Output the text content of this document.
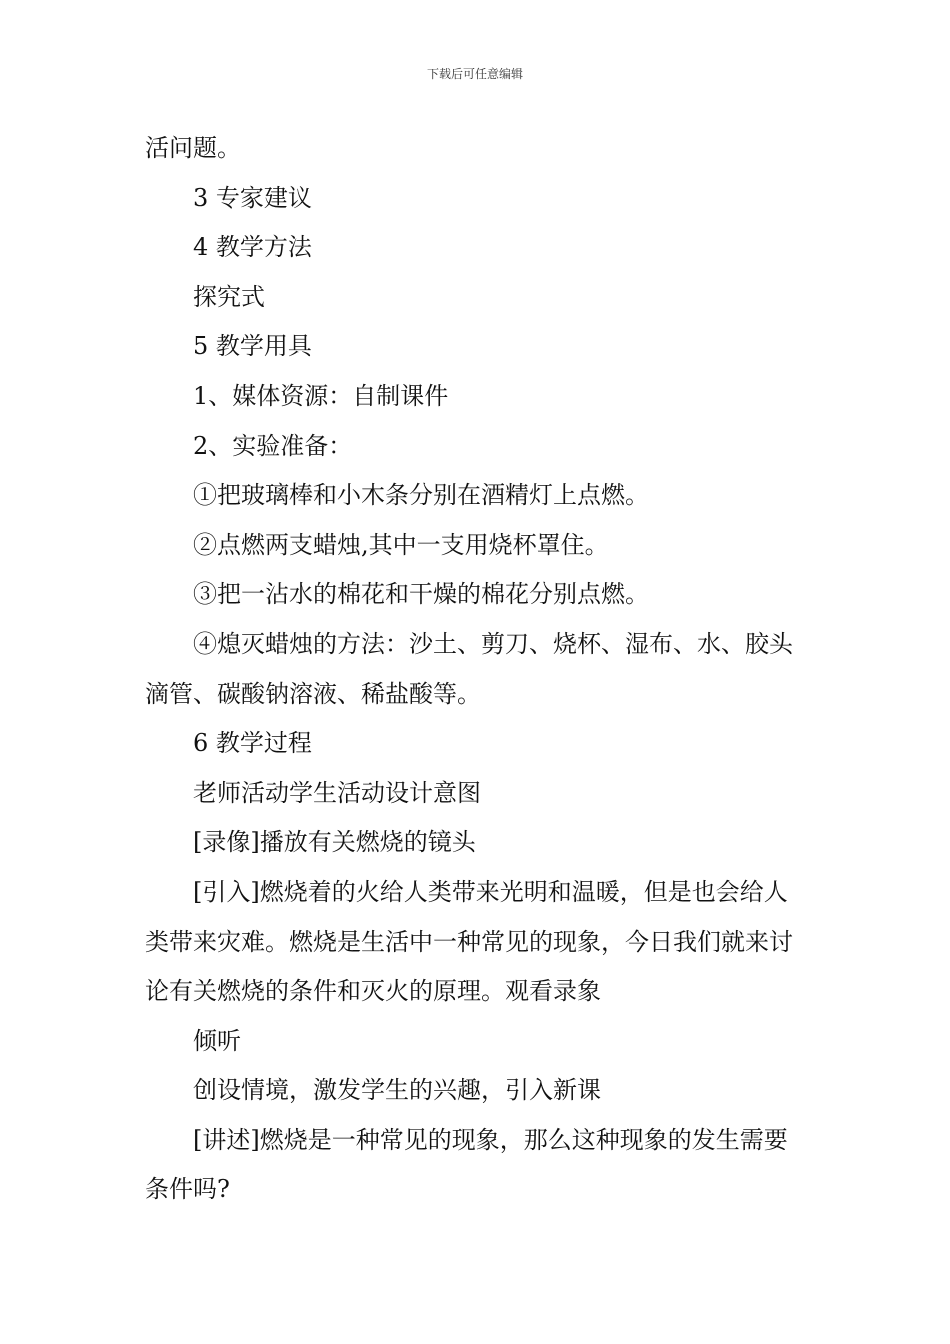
下载后可任意编辑

活问题。

3 专家建议

4 教学方法

探究式

5 教学用具

1、媒体资源：自制课件

2、实验准备：

①把玻璃棒和小木条分别在酒精灯上点燃。

②点燃两支蜡烛,其中一支用烧杯罩住。

③把一沾水的棉花和干燥的棉花分别点燃。

④熄灭蜡烛的方法：沙土、剪刀、烧杯、湿布、水、胶头滴管、碳酸钠溶液、稀盐酸等。

6 教学过程

老师活动学生活动设计意图

[录像]播放有关燃烧的镜头

[引入]燃烧着的火给人类带来光明和温暖，但是也会给人类带来灾难。燃烧是生活中一种常见的现象，今日我们就来讨论有关燃烧的条件和灭火的原理。观看录象

倾听

创设情境，激发学生的兴趣，引入新课

[讲述]燃烧是一种常见的现象，那么这种现象的发生需要条件吗?
